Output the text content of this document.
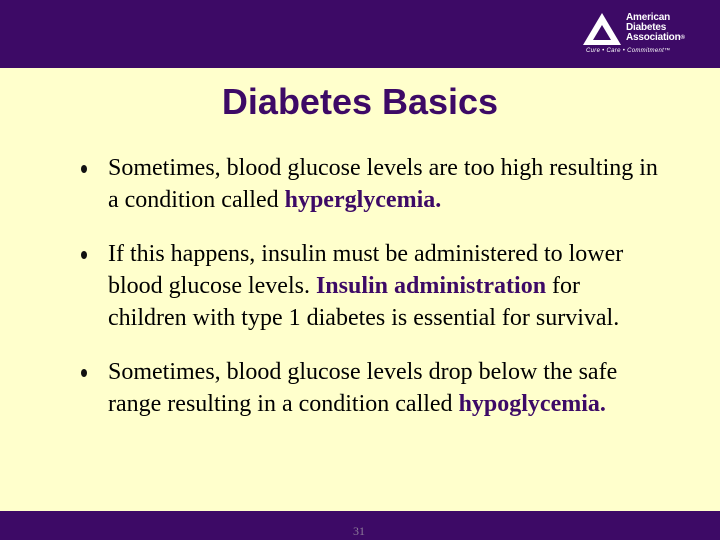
American
Diabetes
Association®
Cure • Care • Commitment™
Diabetes Basics
Sometimes, blood glucose levels are too high resulting in a condition called hyperglycemia.
If this happens, insulin must be administered to lower blood glucose levels. Insulin administration for children with type 1 diabetes is essential for survival.
Sometimes, blood glucose levels drop below the safe range resulting in a condition called hypoglycemia.
31
